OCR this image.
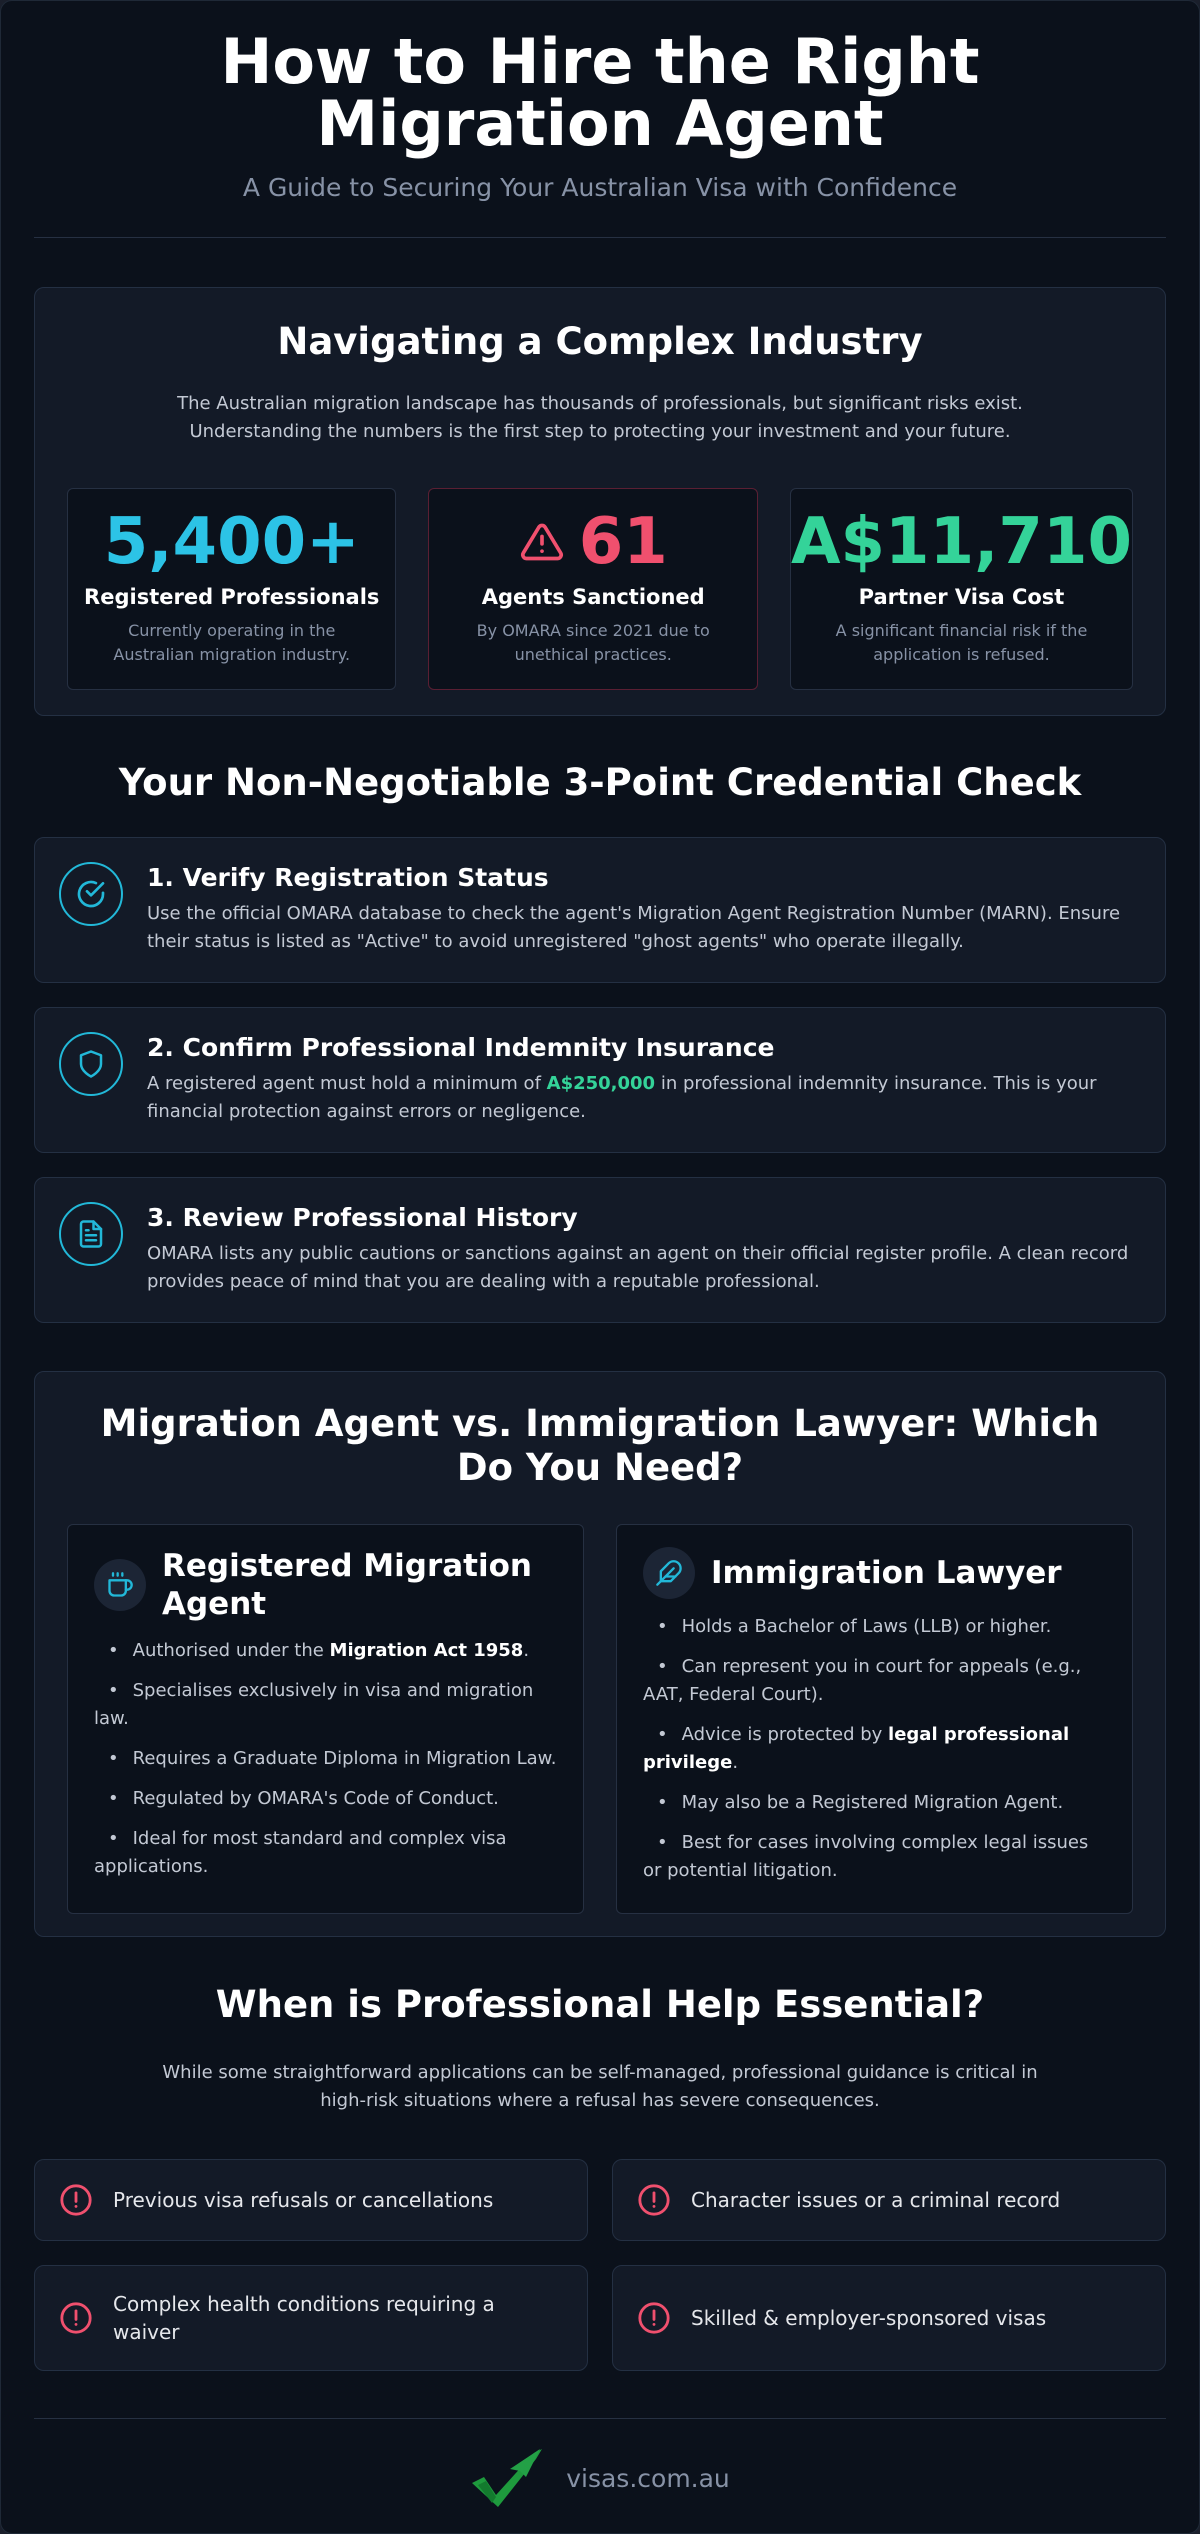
How to Hire the Right Migration Agent

A Guide to Securing Your Australian Visa with Confidence

Navigating a Complex Industry

The Australian migration landscape has thousands of professionals, but significant risks exist. Understanding the numbers is the first step to protecting your investment and your future.

5,400+
Registered Professionals
Currently operating in the Australian migration industry.
61
Agents Sanctioned
By OMARA since 2021 due to unethical practices.
A$11,710
Partner Visa Cost
A significant financial risk if the application is refused.
Your Non-Negotiable 3-Point Credential Check
1. Verify Registration Status
Use the official OMARA database to check the agent's Migration Agent Registration Number (MARN). Ensure their status is listed as "Active" to avoid unregistered "ghost agents" who operate illegally.
2. Confirm Professional Indemnity Insurance
A registered agent must hold a minimum of A$250,000 in professional indemnity insurance. This is your financial protection against errors or negligence.
3. Review Professional History
OMARA lists any public cautions or sanctions against an agent on their official register profile. A clean record provides peace of mind that you are dealing with a reputable professional.
Migration Agent vs. Immigration Lawyer: Which Do You Need?
Registered Migration Agent
• Authorised under the Migration Act 1958.
• Specialises exclusively in visa and migration law.
• Requires a Graduate Diploma in Migration Law.
• Regulated by OMARA's Code of Conduct.
• Ideal for most standard and complex visa applications.
Immigration Lawyer
• Holds a Bachelor of Laws (LLB) or higher.
• Can represent you in court for appeals (e.g., AAT, Federal Court).
• Advice is protected by legal professional privilege.
• May also be a Registered Migration Agent.
• Best for cases involving complex legal issues or potential litigation.
When is Professional Help Essential?

While some straightforward applications can be self-managed, professional guidance is critical in high-risk situations where a refusal has severe consequences.

Previous visa refusals or cancellations	Character issues or a criminal record
Complex health conditions requiring a waiver
Skilled & employer-sponsored visas
visas.com.au
